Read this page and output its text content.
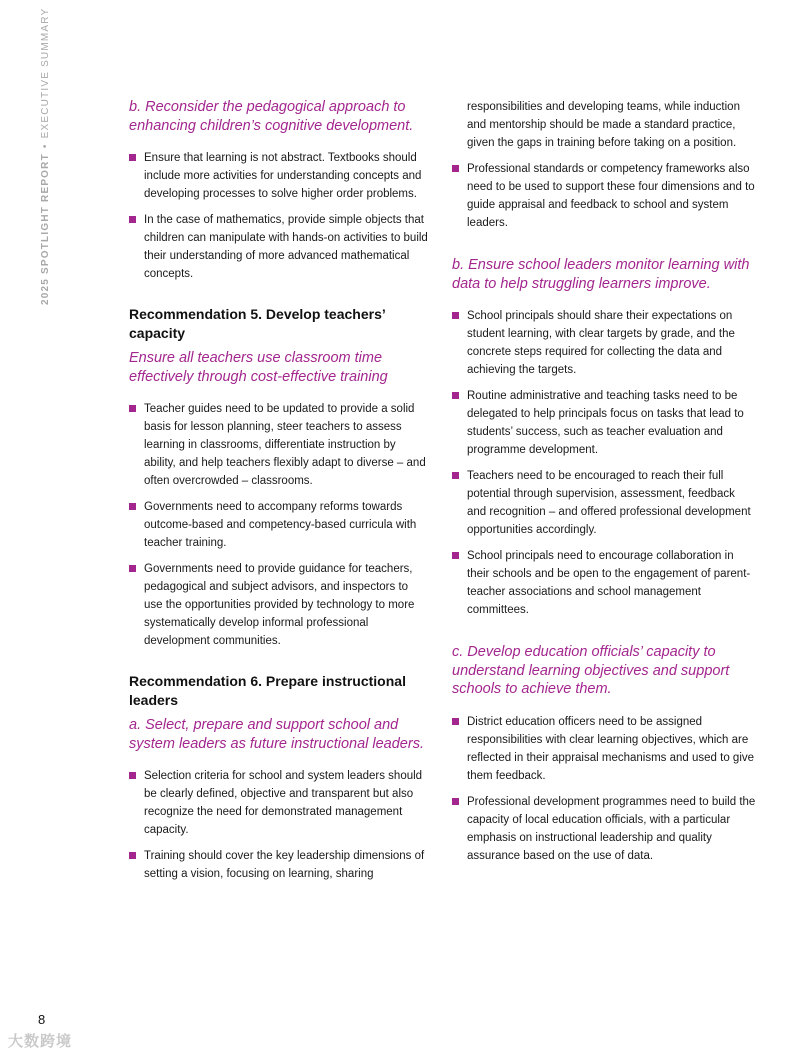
2025 SPOTLIGHT REPORT•EXECUTIVE SUMMARY	b. Reconsider the pedagogical approach to enhancing children’s cognitive development.
Ensure that learning is not abstract. Textbooks should include more activities for understanding concepts and developing processes to solve higher order problems.
In the case of mathematics, provide simple objects that children can manipulate with hands-on activities to build their understanding of more advanced mathematical concepts.
Recommendation 5. Develop teachers’ capacity
Ensure all teachers use classroom time effectively through cost-effective training
Teacher guides need to be updated to provide a solid basis for lesson planning, steer teachers to assess learning in classrooms, differentiate instruction by ability, and help teachers flexibly adapt to diverse – and often overcrowded – classrooms.
Governments need to accompany reforms towards outcome-based and competency-based curricula with teacher training.
Governments need to provide guidance for teachers, pedagogical and subject advisors, and inspectors to use the opportunities provided by technology to more systematically develop informal professional development communities.
Recommendation 6. Prepare instructional leaders
a. Select, prepare and support school and system leaders as future instructional leaders.
Selection criteria for school and system leaders should be clearly defined, objective and transparent but also recognize the need for demonstrated management capacity.
Training should cover the key leadership dimensions of setting a vision, focusing on learning, sharing

responsibilities and developing teams, while induction and mentorship should be made a standard practice, given the gaps in training before taking on a position.

Professional standards or competency frameworks also need to be used to support these four dimensions and to guide appraisal and feedback to school and system leaders.
b. Ensure school leaders monitor learning with data to help struggling learners improve.
School principals should share their expectations on student learning, with clear targets by grade, and the concrete steps required for collecting the data and achieving the targets.
Routine administrative and teaching tasks need to be delegated to help principals focus on tasks that lead to students’ success, such as teacher evaluation and programme development.
Teachers need to be encouraged to reach their full potential through supervision, assessment, feedback and recognition – and offered professional development opportunities accordingly.
School principals need to encourage collaboration in their schools and be open to the engagement of parent-teacher associations and school management committees.
c. Develop education officials’ capacity to understand learning objectives and support schools to achieve them.
District education officers need to be assigned responsibilities with clear learning objectives, which are reflected in their appraisal mechanisms and used to give them feedback.
Professional development programmes need to build the capacity of local education officials, with a particular emphasis on instructional leadership and quality assurance based on the use of data.
8
大数跨境
